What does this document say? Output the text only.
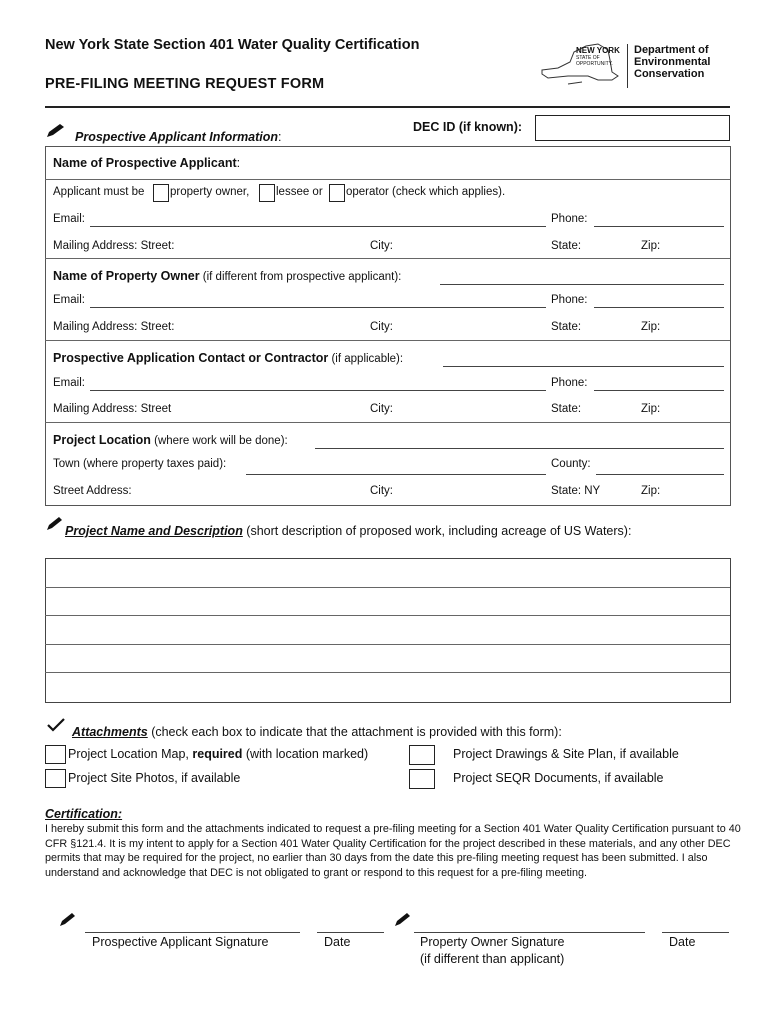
New York State Section 401 Water Quality Certification
PRE-FILING MEETING REQUEST FORM
NEW YORK
STATE OF
OPPORTUNITY.
Department of
Environmental
Conservation
Prospective Applicant Information:
DEC ID (if known):
Name of Prospective Applicant:
Applicant must be property owner, lessee or operator (check which applies).
Email:	Phone:
Mailing Address: Street:	City:	State:	Zip:
Name of Property Owner (if different from prospective applicant):
Email:	Phone:
Mailing Address: Street:	City:	State:	Zip:
Prospective Application Contact or Contractor (if applicable):
Email:	Phone:
Mailing Address: Street	City:	State:	Zip:
Project Location (where work will be done):
Town (where property taxes paid):	County:
Street Address:	City:	State: NY	Zip:
Project Name and Description (short description of proposed work, including acreage of US Waters):
Attachments (check each box to indicate that the attachment is provided with this form):
Project Location Map, required (with location marked)	Project Drawings & Site Plan, if available
Project Site Photos, if available	Project SEQR Documents, if available
Certification:
I hereby submit this form and the attachments indicated to request a pre-filing meeting for a Section 401 Water Quality Certification pursuant to 40 CFR §121.4. It is my intent to apply for a Section 401 Water Quality Certification for the project described in these materials, and any other DEC permits that may be required for the project, no earlier than 30 days from the date this pre-filing meeting request has been submitted. I also understand and acknowledge that DEC is not obligated to grant or respond to this request for a pre-filing meeting.
Prospective Applicant Signature	Date	Property Owner Signature
(if different than applicant)
Date
